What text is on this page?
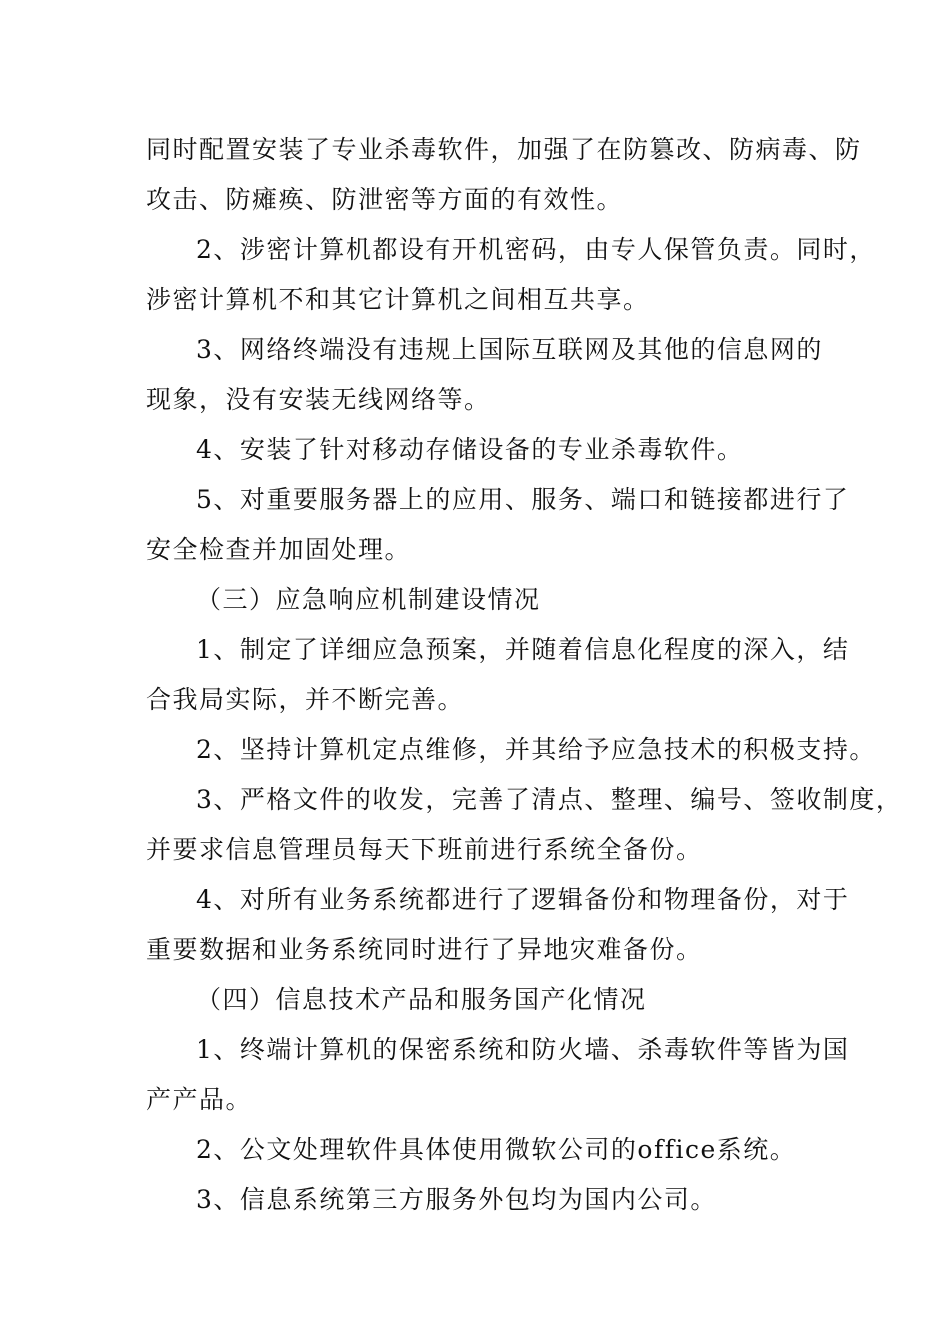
同时配置安装了专业杀毒软件，加强了在防篡改、防病毒、防
攻击、防瘫痪、防泄密等方面的有效性。
2、涉密计算机都设有开机密码，由专人保管负责。同时，
涉密计算机不和其它计算机之间相互共享。
3、网络终端没有违规上国际互联网及其他的信息网的
现象，没有安装无线网络等。
4、安装了针对移动存储设备的专业杀毒软件。
5、对重要服务器上的应用、服务、端口和链接都进行了
安全检查并加固处理。
（三）应急响应机制建设情况
1、制定了详细应急预案，并随着信息化程度的深入，结
合我局实际，并不断完善。
2、坚持计算机定点维修，并其给予应急技术的积极支持。
3、严格文件的收发，完善了清点、整理、编号、签收制度，
并要求信息管理员每天下班前进行系统全备份。
4、对所有业务系统都进行了逻辑备份和物理备份，对于
重要数据和业务系统同时进行了异地灾难备份。
（四）信息技术产品和服务国产化情况
1、终端计算机的保密系统和防火墙、杀毒软件等皆为国
产产品。
2、公文处理软件具体使用微软公司的office系统。
3、信息系统第三方服务外包均为国内公司。
